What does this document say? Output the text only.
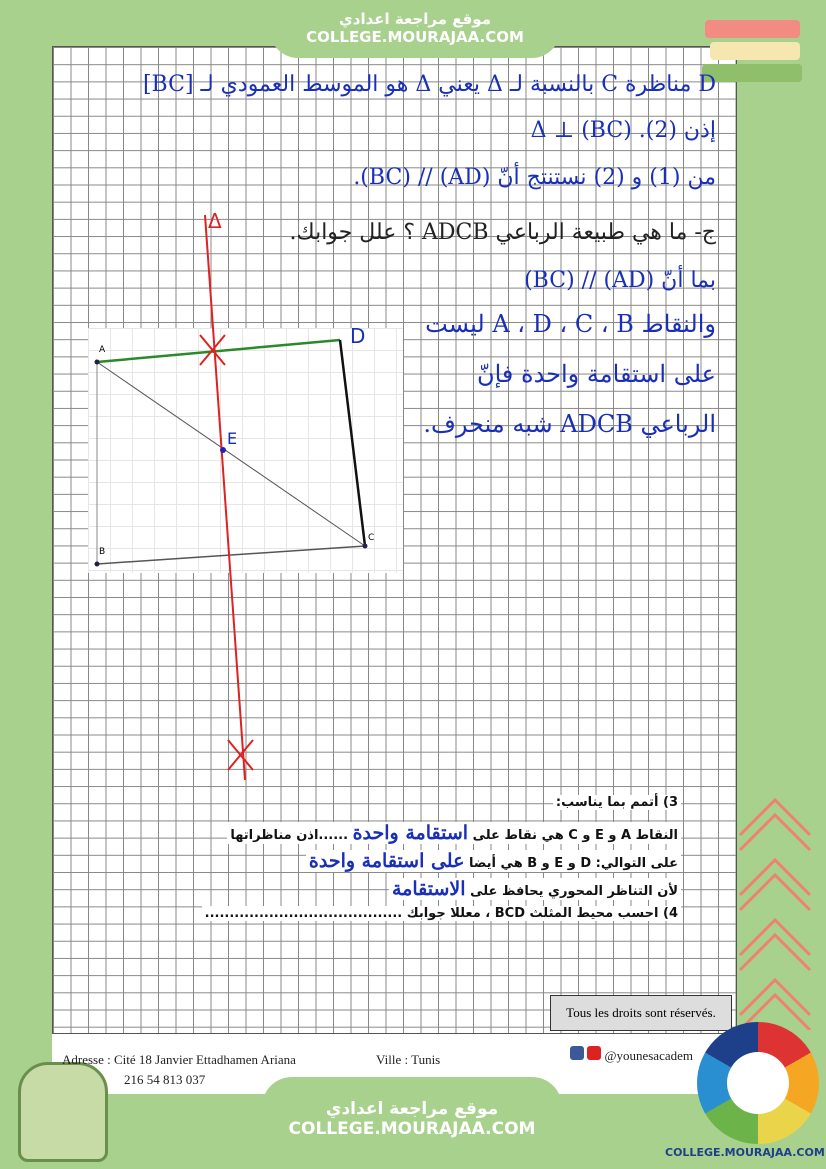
موقع مراجعة اعدادي
COLLEGE.MOURAJAA.COM
D مناظرة C بالنسبة لـ Δ يعني Δ هو الموسط العمودي لـ [BC]
إذن Δ ⊥ (BC) .(2)
من (1) و (2) نستنتج أنّ (AD) // (BC).
ج- ما هي طبيعة الرباعي ADCB ؟ علل جوابك.
بما أنّ (AD) // (BC)
والنقاط A ، D ، C ، B ليست
على استقامة واحدة فإنّ
الرباعي ADCB شبه منحرف.
A
B
C
D
E
Δ
3) أتمم بما يناسب:
النقاط A و E و C هي نقاط على استقامة واحدة ......اذن مناظراتها
على التوالي: D و E و B هي أيضا على استقامة واحدة
لأن التناظر المحوري يحافظ على الاستقامة
4) احسب محيط المثلث BCD ، معللا جوابك ........................................
Tous les droits sont réservés.
Adresse : Cité 18 Janvier Ettadhamen Ariana	Ville : Tunis
216 54 813 037
@younesacadem
COLLEGE.MOURAJAA.COM
موقع مراجعة اعدادي
COLLEGE.MOURAJAA.COM
